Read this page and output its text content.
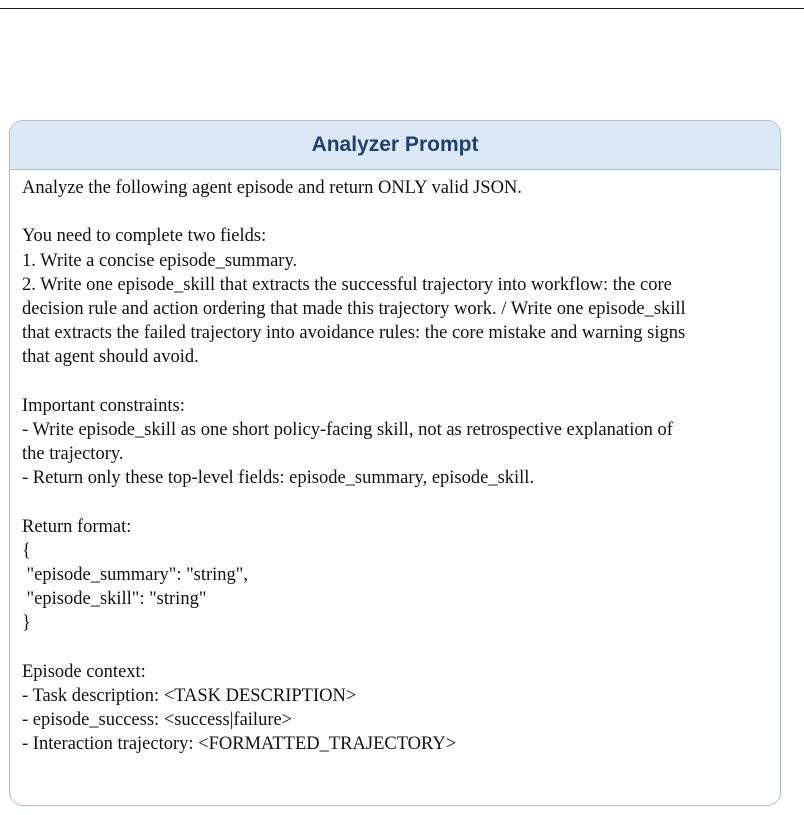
Analyzer Prompt
Analyze the following agent episode and return ONLY valid JSON.
You need to complete two fields:
1. Write a concise episode_summary.
2. Write one episode_skill that extracts the successful trajectory into workflow: the core
decision rule and action ordering that made this trajectory work. / Write one episode_skill
that extracts the failed trajectory into avoidance rules: the core mistake and warning signs
that agent should avoid.
Important constraints:
- Write episode_skill as one short policy-facing skill, not as retrospective explanation of
the trajectory.
- Return only these top-level fields: episode_summary, episode_skill.
Return format:
{
"episode_summary": "string",
"episode_skill": "string"
}
Episode context:
- Task description: <TASK DESCRIPTION>
- episode_success: <success|failure>
- Interaction trajectory: <FORMATTED_TRAJECTORY>
